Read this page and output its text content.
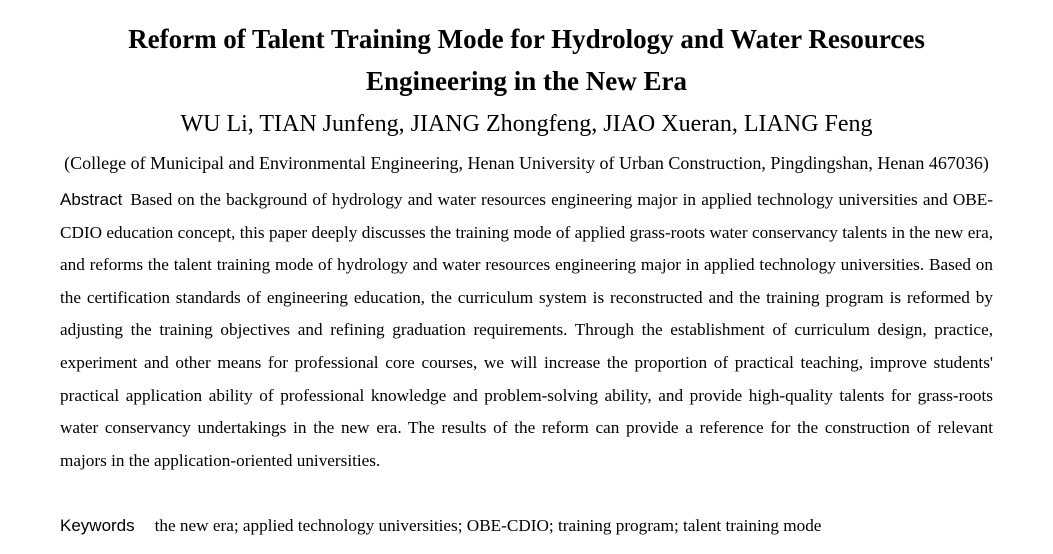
Reform of Talent Training Mode for Hydrology and Water Resources
Engineering in the New Era
WU Li, TIAN Junfeng, JIANG Zhongfeng, JIAO Xueran, LIANG Feng
(College of Municipal and Environmental Engineering, Henan University of Urban Construction, Pingdingshan, Henan 467036)

Abstract Based on the background of hydrology and water resources engineering major in applied technology universities and OBE-CDIO education concept, this paper deeply discusses the training mode of applied grass-roots water conservancy talents in the new era, and reforms the talent training mode of hydrology and water resources engineering major in applied technology universities. Based on the certification standards of engineering education, the curriculum system is reconstructed and the training program is reformed by adjusting the training objectives and refining graduation requirements. Through the establishment of curriculum design, practice, experiment and other means for professional core courses, we will increase the proportion of practical teaching, improve students' practical application ability of professional knowledge and problem-solving ability, and provide high-quality talents for grass-roots water conservancy undertakings in the new era. The results of the reform can provide a reference for the construction of relevant majors in the application-oriented universities.

Keywords the new era; applied technology universities; OBE-CDIO; training program; talent training mode
